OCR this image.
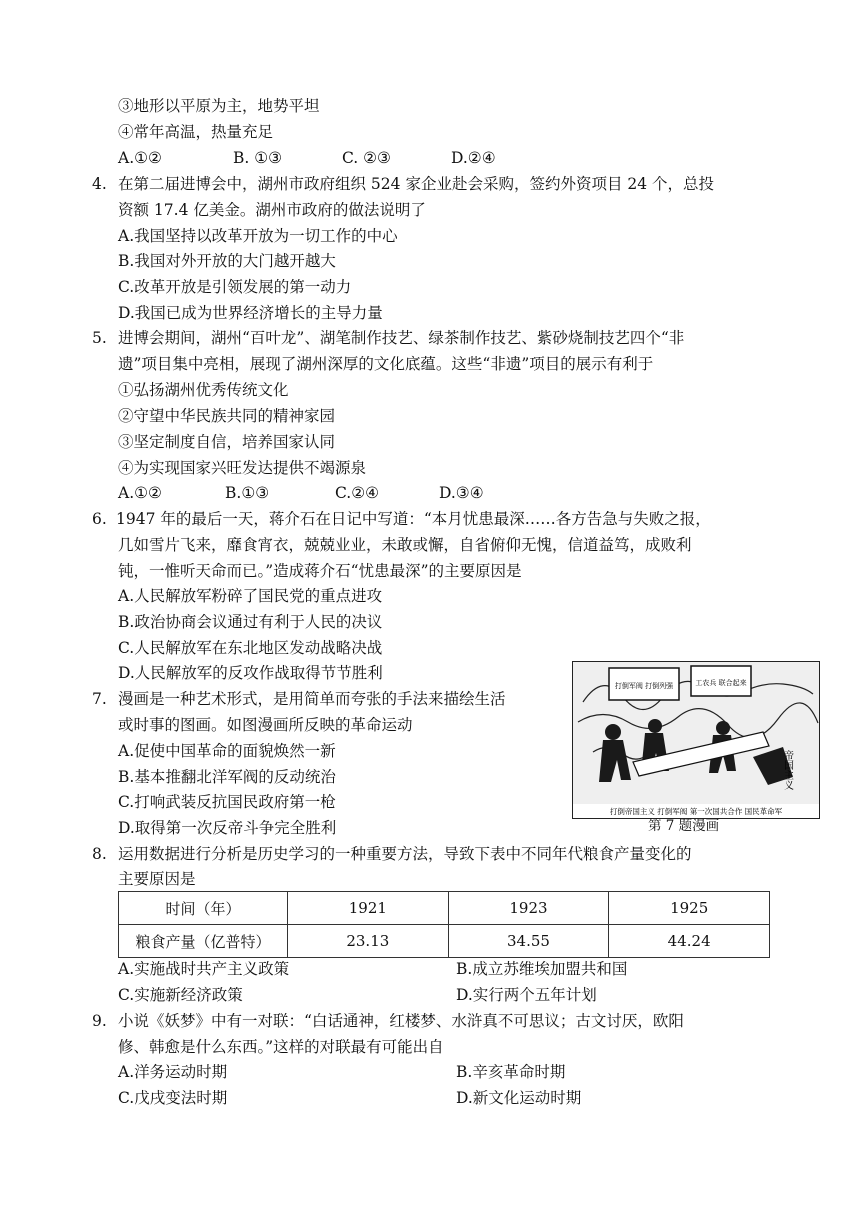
③地形以平原为主，地势平坦
④常年高温，热量充足
A.①②	B. ①③	C. ②③	D.②④
4. 在第二届进博会中，湖州市政府组织 524 家企业赴会采购，签约外资项目 24 个，总投
资额 17.4 亿美金。湖州市政府的做法说明了
A.我国坚持以改革开放为一切工作的中心
B.我国对外开放的大门越开越大
C.改革开放是引领发展的第一动力
D.我国已成为世界经济增长的主导力量
5. 进博会期间，湖州“百叶龙”、湖笔制作技艺、绿茶制作技艺、紫砂烧制技艺四个“非
遗”项目集中亮相，展现了湖州深厚的文化底蕴。这些“非遗”项目的展示有利于
①弘扬湖州优秀传统文化
②守望中华民族共同的精神家园
③坚定制度自信，培养国家认同
④为实现国家兴旺发达提供不竭源泉
A.①②	B.①③	C.②④	D.③④
6. 1947 年的最后一天，蒋介石在日记中写道：“本月忧患最深……各方告急与失败之报，
几如雪片飞来，靡食宵衣，兢兢业业，未敢或懈，自省俯仰无愧，信道益笃，成败利
钝，一惟听天命而已。”造成蒋介石“忧患最深”的主要原因是
A.人民解放军粉碎了国民党的重点进攻
B.政治协商会议通过有利于人民的决议
C.人民解放军在东北地区发动战略决战
D.人民解放军的反攻作战取得节节胜利
7. 漫画是一种艺术形式，是用简单而夸张的手法来描绘生活
或时事的图画。如图漫画所反映的革命运动
A.促使中国革命的面貌焕然一新
B.基本推翻北洋军阀的反动统治
C.打响武装反抗国民政府第一枪
D.取得第一次反帝斗争完全胜利
打倒军阀 打倒列强	工农兵 联合起来
帝国主义
打倒帝国主义 打倒军阀 第一次国共合作 国民革命军
第 7 题漫画
8. 运用数据进行分析是历史学习的一种重要方法，导致下表中不同年代粮食产量变化的
主要原因是
时间（年）	1921	1923	1925
粮食产量（亿普特）	23.13	34.55	44.24
A.实施战时共产主义政策	B.成立苏维埃加盟共和国
C.实施新经济政策	D.实行两个五年计划
9. 小说《妖梦》中有一对联：“白话通神，红楼梦、水浒真不可思议；古文讨厌，欧阳
修、韩愈是什么东西。”这样的对联最有可能出自
A.洋务运动时期	B.辛亥革命时期
C.戊戌变法时期	D.新文化运动时期
